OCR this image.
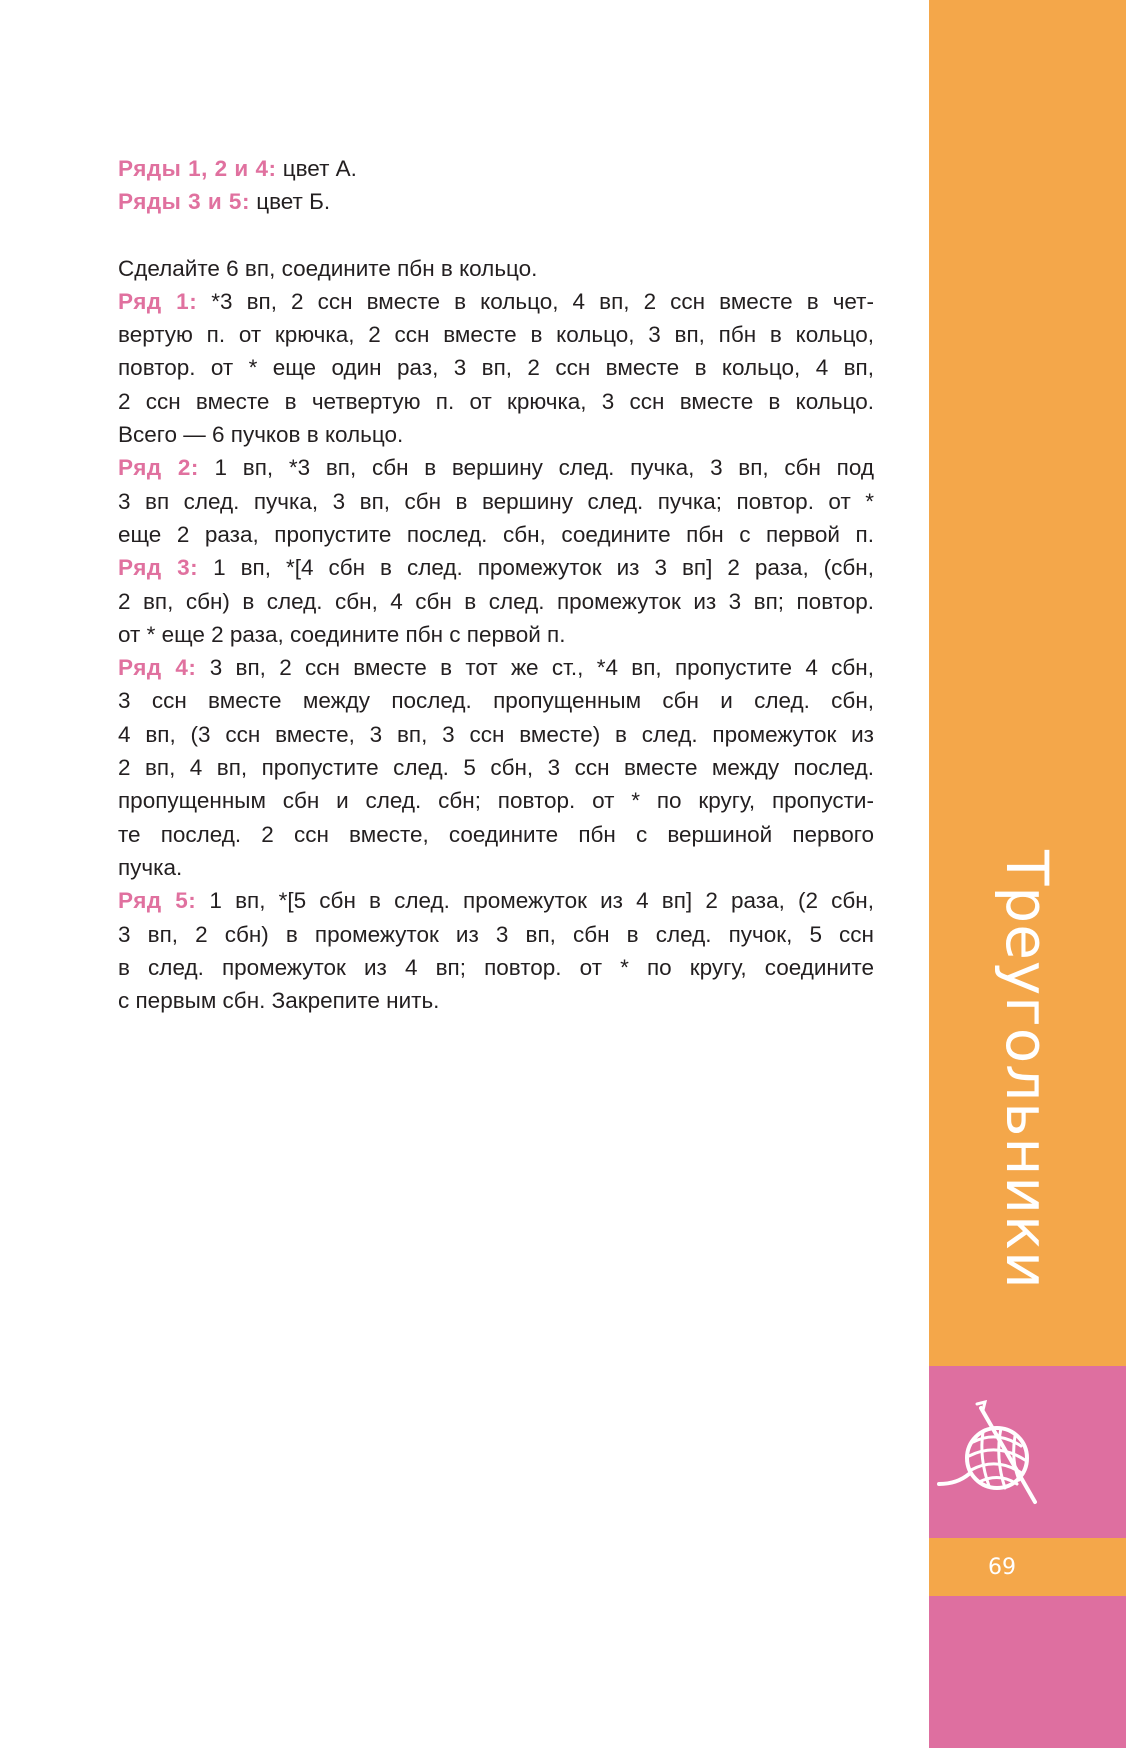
Ряды 1, 2 и 4: цвет А.
Ряды 3 и 5: цвет Б.
Сделайте 6 вп, соедините пбн в кольцо.
Ряд 1: *3 вп, 2 ссн вместе в кольцо, 4 вп, 2 ссн вместе в чет-
вертую п. от крючка, 2 ссн вместе в кольцо, 3 вп, пбн в кольцо,
повтор. от * еще один раз, 3 вп, 2 ссн вместе в кольцо, 4 вп,
2 ссн вместе в четвертую п. от крючка, 3 ссн вместе в кольцо.
Всего — 6 пучков в кольцо.
Ряд 2: 1 вп, *3 вп, сбн в вершину след. пучка, 3 вп, сбн под
3 вп след. пучка, 3 вп, сбн в вершину след. пучка; повтор. от *
еще 2 раза, пропустите послед. сбн, соедините пбн с первой п.
Ряд 3: 1 вп, *[4 сбн в след. промежуток из 3 вп] 2 раза, (сбн,
2 вп, сбн) в след. сбн, 4 сбн в след. промежуток из 3 вп; повтор.
от * еще 2 раза, соедините пбн с первой п.
Ряд 4: 3 вп, 2 ссн вместе в тот же ст., *4 вп, пропустите 4 сбн,
3 ссн вместе между послед. пропущенным сбн и след. сбн,
4 вп, (3 ссн вместе, 3 вп, 3 ссн вместе) в след. промежуток из
2 вп, 4 вп, пропустите след. 5 сбн, 3 ссн вместе между послед.
пропущенным сбн и след. сбн; повтор. от * по кругу, пропусти-
те послед. 2 ссн вместе, соедините пбн с вершиной первого
пучка.
Ряд 5: 1 вп, *[5 сбн в след. промежуток из 4 вп] 2 раза, (2 сбн,
3 вп, 2 сбн) в промежуток из 3 вп, сбн в след. пучок, 5 ссн
в след. промежуток из 4 вп; повтор. от * по кругу, соедините
с первым сбн. Закрепите нить.	Треугольники
69
